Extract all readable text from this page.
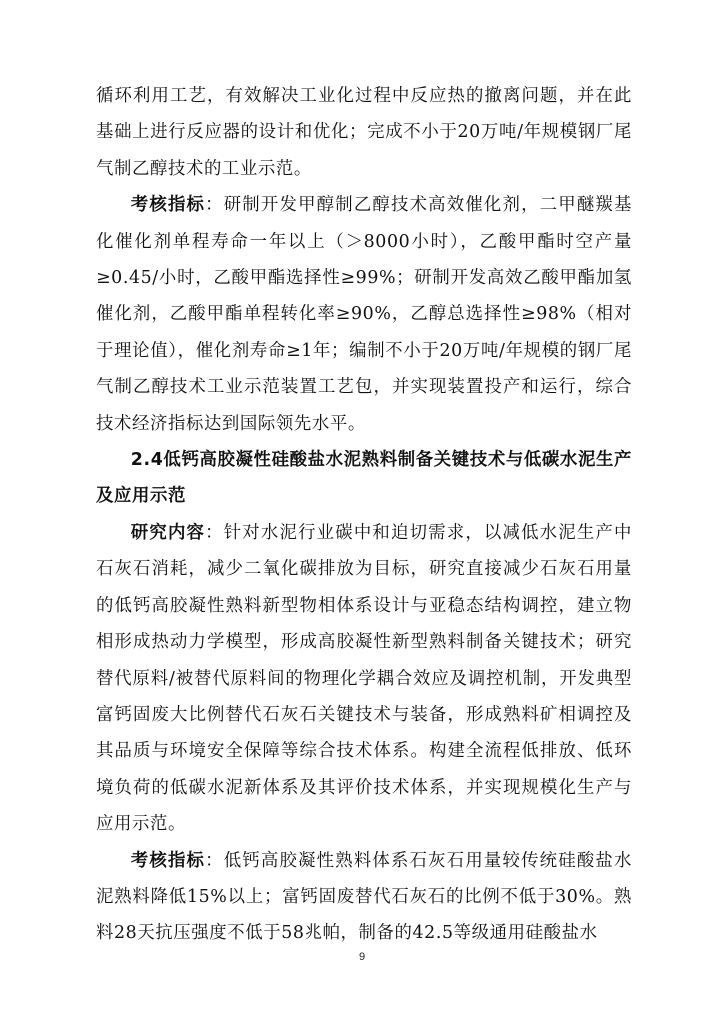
循环利用工艺，有效解决工业化过程中反应热的撤离问题，并在此基础上进行反应器的设计和优化；完成不小于20万吨/年规模钢厂尾气制乙醇技术的工业示范。

考核指标：研制开发甲醇制乙醇技术高效催化剂，二甲醚羰基化催化剂单程寿命一年以上（＞8000小时），乙酸甲酯时空产量≥0.45/小时，乙酸甲酯选择性≥99%；研制开发高效乙酸甲酯加氢催化剂，乙酸甲酯单程转化率≥90%，乙醇总选择性≥98%（相对于理论值），催化剂寿命≥1年；编制不小于20万吨/年规模的钢厂尾气制乙醇技术工业示范装置工艺包，并实现装置投产和运行，综合技术经济指标达到国际领先水平。

2.4低钙高胶凝性硅酸盐水泥熟料制备关键技术与低碳水泥生产及应用示范

研究内容：针对水泥行业碳中和迫切需求，以减低水泥生产中石灰石消耗，减少二氧化碳排放为目标，研究直接减少石灰石用量的低钙高胶凝性熟料新型物相体系设计与亚稳态结构调控，建立物相形成热动力学模型，形成高胶凝性新型熟料制备关键技术；研究替代原料/被替代原料间的物理化学耦合效应及调控机制，开发典型富钙固废大比例替代石灰石关键技术与装备，形成熟料矿相调控及其品质与环境安全保障等综合技术体系。构建全流程低排放、低环境负荷的低碳水泥新体系及其评价技术体系，并实现规模化生产与应用示范。

考核指标：低钙高胶凝性熟料体系石灰石用量较传统硅酸盐水泥熟料降低15%以上；富钙固废替代石灰石的比例不低于30%。熟料28天抗压强度不低于58兆帕，制备的42.5等级通用硅酸盐水

9
